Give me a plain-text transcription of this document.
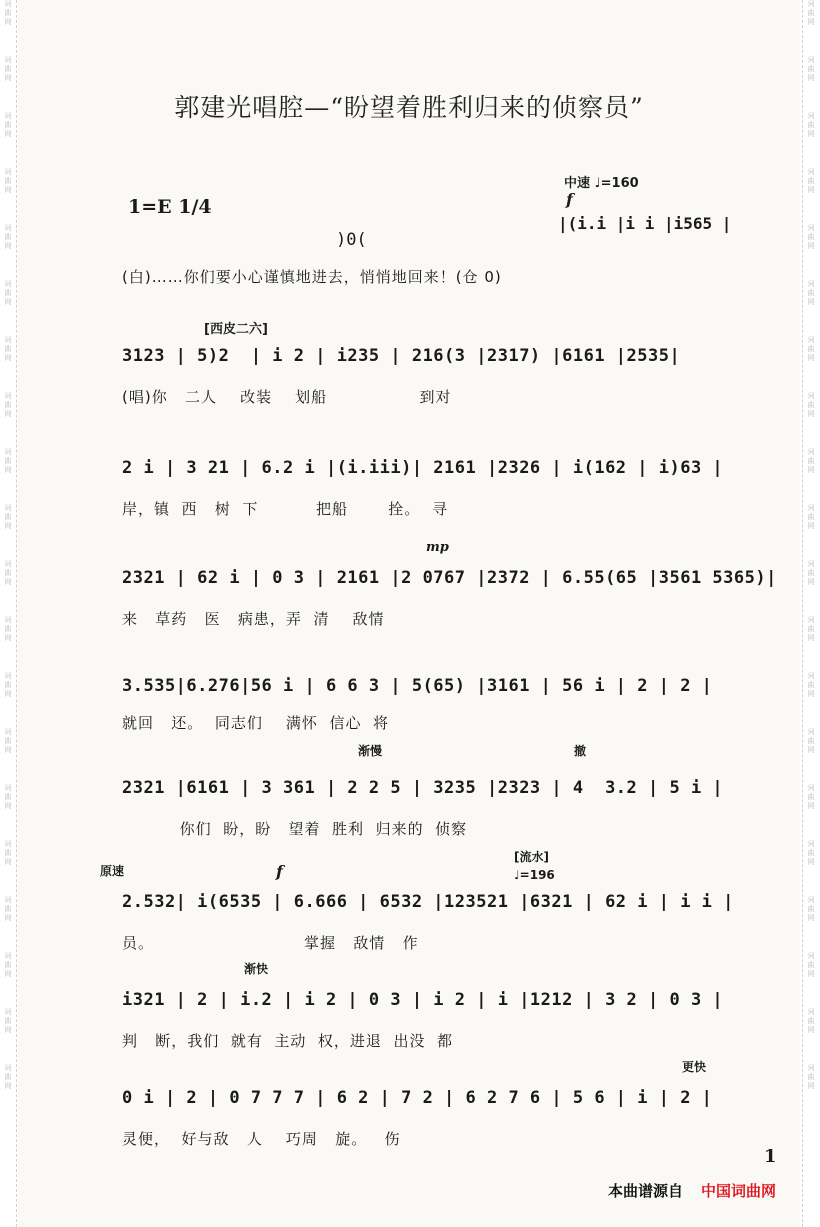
词
曲
网
词
曲
网
词
曲
网
词
曲
网
词
曲
网
词
曲
网
词
曲
网
词
曲
网
词
曲
网
词
曲
网
词
曲
网
词
曲
网
词
曲
网
词
曲
网
词
曲
网
词
曲
网
词
曲
网
词
曲
网
词
曲
网
词
曲
网
词
曲
网
词
曲
网
词
曲
网
词
曲
网
词
曲
网
词
曲
网
词
曲
网
词
曲
网
词
曲
网
词
曲
网
词
曲
网
词
曲
网
词
曲
网
词
曲
网
词
曲
网
词
曲
网
词
曲
网
词
曲
网
词
曲
网
词
曲
网
郭建光唱腔—“盼望着胜利归来的侦察员”
中速 ♩=160
f
1=E 1/4
)0(
|(i.i |i i |i565 |
(白)……你们要小心谨慎地进去，悄悄地回来！(仓 0)
[西皮二六]
3123 | 5)2  | i 2 | i235 | 216(3 |2317) |6161 |2535|
(唱)你   二人    改装    划船                到对
2 i | 3 21 | 6.2 i |(i.iii)| 2161 |2326 | i(162 | i)63 |
岸，镇  西   树  下          把船       拴。  寻
mp
2321 | 62 i | 0 3 | 2161 |2 0767 |2372 | 6.55(65 |3561 5365)|
来   草药   医   病患，弄  清    敌情
3.535|6.276|56 i | 6 6 3 | 5(65) |3161 | 56 i | 2 | 2 |
就回   还。  同志们    满怀  信心  将
渐慢	撤
2321 |6161 | 3 361 | 2 2 5 | 3235 |2323 | 4  3.2 | 5 i |
你们  盼，盼   望着  胜利  归来的  侦察
原速
[流水]
♩=196
f
2.532| i(6535 | 6.666 | 6532 |123521 |6321 | 62 i | i i |
员。                          掌握   敌情   作
渐快
i321 | 2 | i.2 | i 2 | 0 3 | i 2 | i |1212 | 3 2 | 0 3 |
判   断，我们  就有  主动  权，进退  出没  都
更快
0 i | 2 | 0 7 7 7 | 6 2 | 7 2 | 6 2 7 6 | 5 6 | i | 2 |
灵便，  好与敌   人    巧周   旋。   伤
1
本曲谱源自 中国词曲网
